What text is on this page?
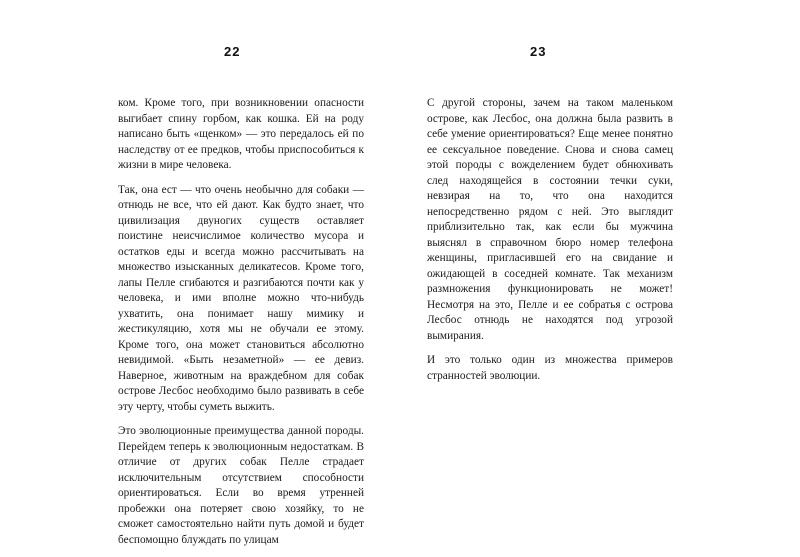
22

ком. Кроме того, при возникновении опасности выгибает спину горбом, как кошка. Ей на роду написано быть «щенком» — это передалось ей по наследству от ее предков, чтобы приспособиться к жизни в мире человека.

Так, она ест — что очень необычно для собаки — отнюдь не все, что ей дают. Как будто знает, что цивилизация двуногих существ оставляет поистине неисчислимое количество мусора и остатков еды и всегда можно рассчитывать на множество изысканных деликатесов. Кроме того, лапы Пелле сгибаются и разгибаются почти как у человека, и ими вполне можно что-нибудь ухватить, она понимает нашу мимику и жестикуляцию, хотя мы не обучали ее этому. Кроме того, она может становиться абсолютно невидимой. «Быть незаметной» — ее девиз. Наверное, животным на враждебном для собак острове Лесбос необходимо было развивать в себе эту черту, чтобы суметь выжить.

Это эволюционные преимущества данной породы. Перейдем теперь к эволюционным недостаткам. В отличие от других собак Пелле страдает исключительным отсутствием способности ориентироваться. Если во время утренней пробежки она потеряет свою хозяйку, то не сможет самостоятельно найти путь домой и будет беспомощно блуждать по улицам

23

С другой стороны, зачем на таком маленьком острове, как Лесбос, она должна была развить в себе умение ориентироваться? Еще менее понятно ее сексуальное поведение. Снова и снова самец этой породы с вожделением будет обнюхивать след находящейся в состоянии течки суки, невзирая на то, что она находится непосредственно рядом с ней. Это выглядит приблизительно так, как если бы мужчина выяснял в справочном бюро номер телефона женщины, пригласившей его на свидание и ожидающей в соседней комнате. Так механизм размножения функционировать не может! Несмотря на это, Пелле и ее собратья с острова Лесбос отнюдь не находятся под угрозой вымирания.

И это только один из множества примеров странностей эволюции.
